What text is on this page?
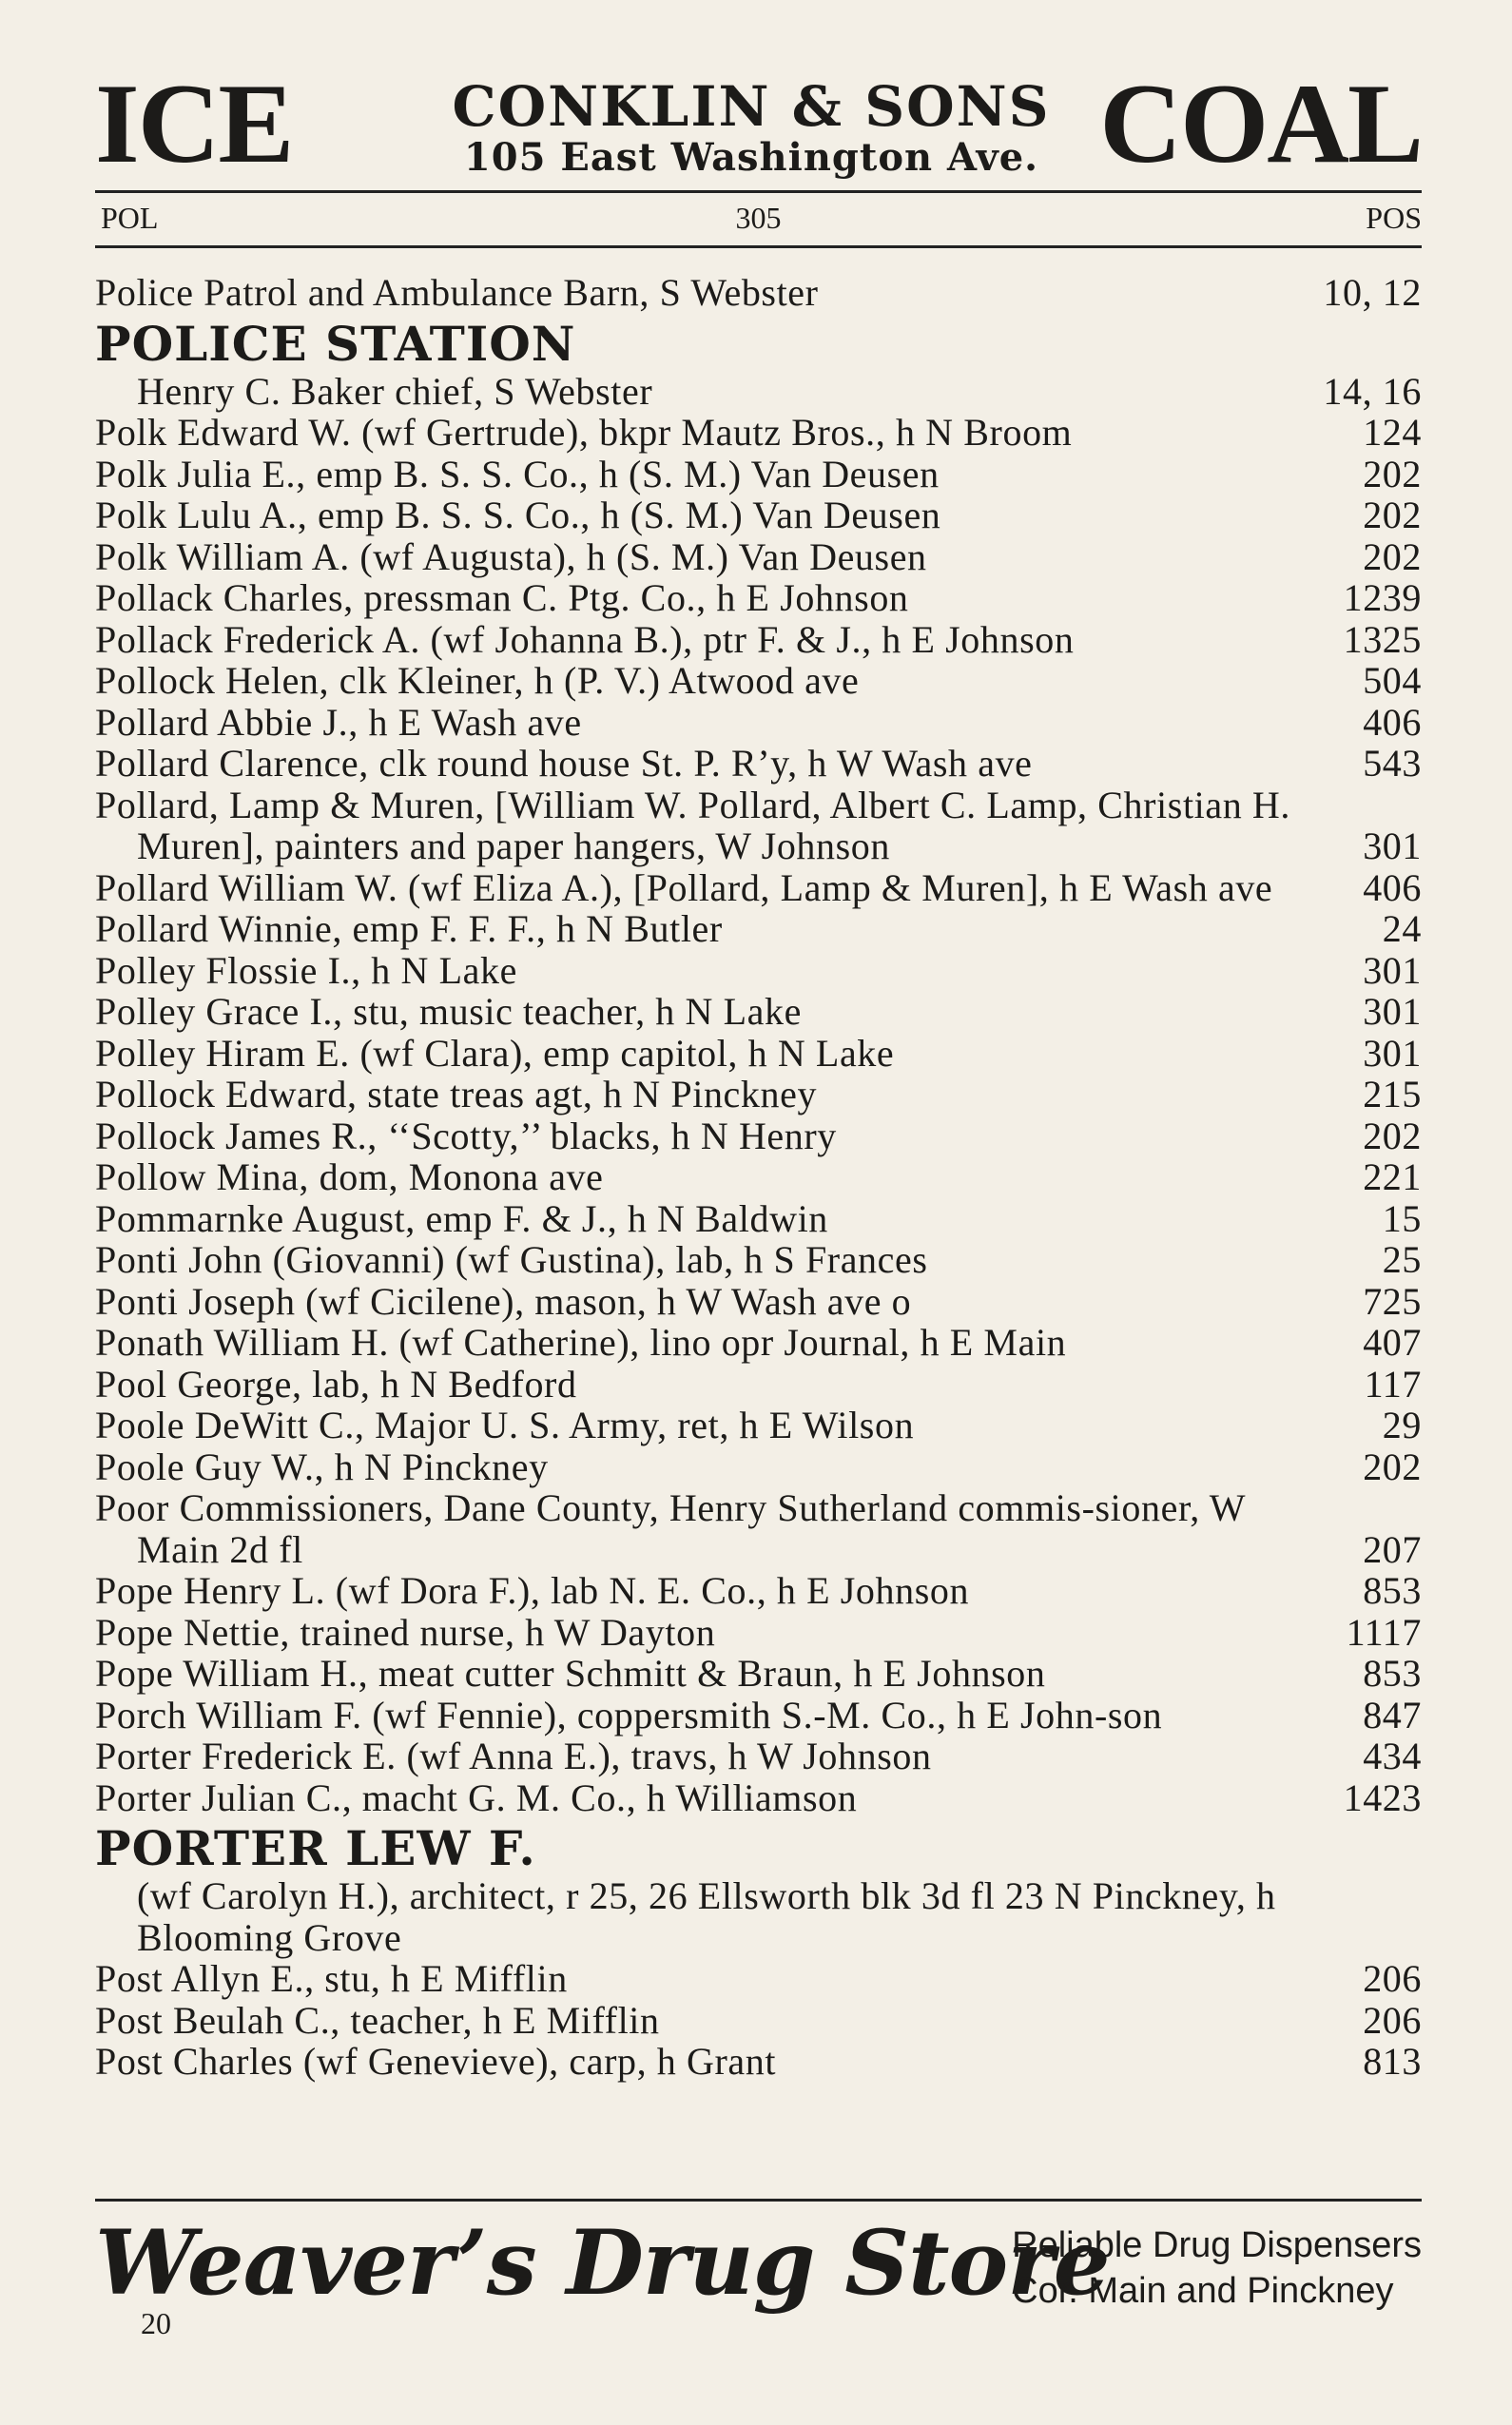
ICE	CONKLIN & SONS
105 East Washington Ave. COAL
POL	305	POS
Police Patrol and Ambulance Barn, S Webster	10, 12
POLICE STATION
Henry C. Baker chief, S Webster	14, 16
Polk Edward W. (wf Gertrude), bkpr Mautz Bros., h N Broom	124
Polk Julia E., emp B. S. S. Co., h (S. M.) Van Deusen	202
Polk Lulu A., emp B. S. S. Co., h (S. M.) Van Deusen	202
Polk William A. (wf Augusta), h (S. M.) Van Deusen	202
Pollack Charles, pressman C. Ptg. Co., h E Johnson	1239
Pollack Frederick A. (wf Johanna B.), ptr F. & J., h E Johnson	1325
Pollock Helen, clk Kleiner, h (P. V.) Atwood ave	504
Pollard Abbie J., h E Wash ave	406
Pollard Clarence, clk round house St. P. R’y, h W Wash ave	543
Pollard, Lamp & Muren, [William W. Pollard, Albert C. Lamp, Christian H. Muren], painters and paper hangers, W Johnson	301
Pollard William W. (wf Eliza A.), [Pollard, Lamp & Muren], h E Wash ave	406
Pollard Winnie, emp F. F. F., h N Butler	24
Polley Flossie I., h N Lake	301
Polley Grace I., stu, music teacher, h N Lake	301
Polley Hiram E. (wf Clara), emp capitol, h N Lake	301
Pollock Edward, state treas agt, h N Pinckney	215
Pollock James R., ‘‘Scotty,’’ blacks, h N Henry	202
Pollow Mina, dom, Monona ave	221
Pommarnke August, emp F. & J., h N Baldwin	15
Ponti John (Giovanni) (wf Gustina), lab, h S Frances	25
Ponti Joseph (wf Cicilene), mason, h W Wash ave o	725
Ponath William H. (wf Catherine), lino opr Journal, h E Main	407
Pool George, lab, h N Bedford	117
Poole DeWitt C., Major U. S. Army, ret, h E Wilson	29
Poole Guy W., h N Pinckney	202
Poor Commissioners, Dane County, Henry Sutherland commis-sioner, W Main 2d fl	207
Pope Henry L. (wf Dora F.), lab N. E. Co., h E Johnson	853
Pope Nettie, trained nurse, h W Dayton	1117
Pope William H., meat cutter Schmitt & Braun, h E Johnson	853
Porch William F. (wf Fennie), coppersmith S.-M. Co., h E John-son	847
Porter Frederick E. (wf Anna E.), travs, h W Johnson	434
Porter Julian C., macht G. M. Co., h Williamson	1423
PORTER LEW F.
(wf Carolyn H.), architect, r 25, 26 Ellsworth blk 3d fl 23 N Pinckney, h Blooming Grove
Post Allyn E., stu, h E Mifflin	206
Post Beulah C., teacher, h E Mifflin	206
Post Charles (wf Genevieve), carp, h Grant	813
Weaver’s Drug Store
Reliable Drug Dispensers
Cor. Main and Pinckney
20
